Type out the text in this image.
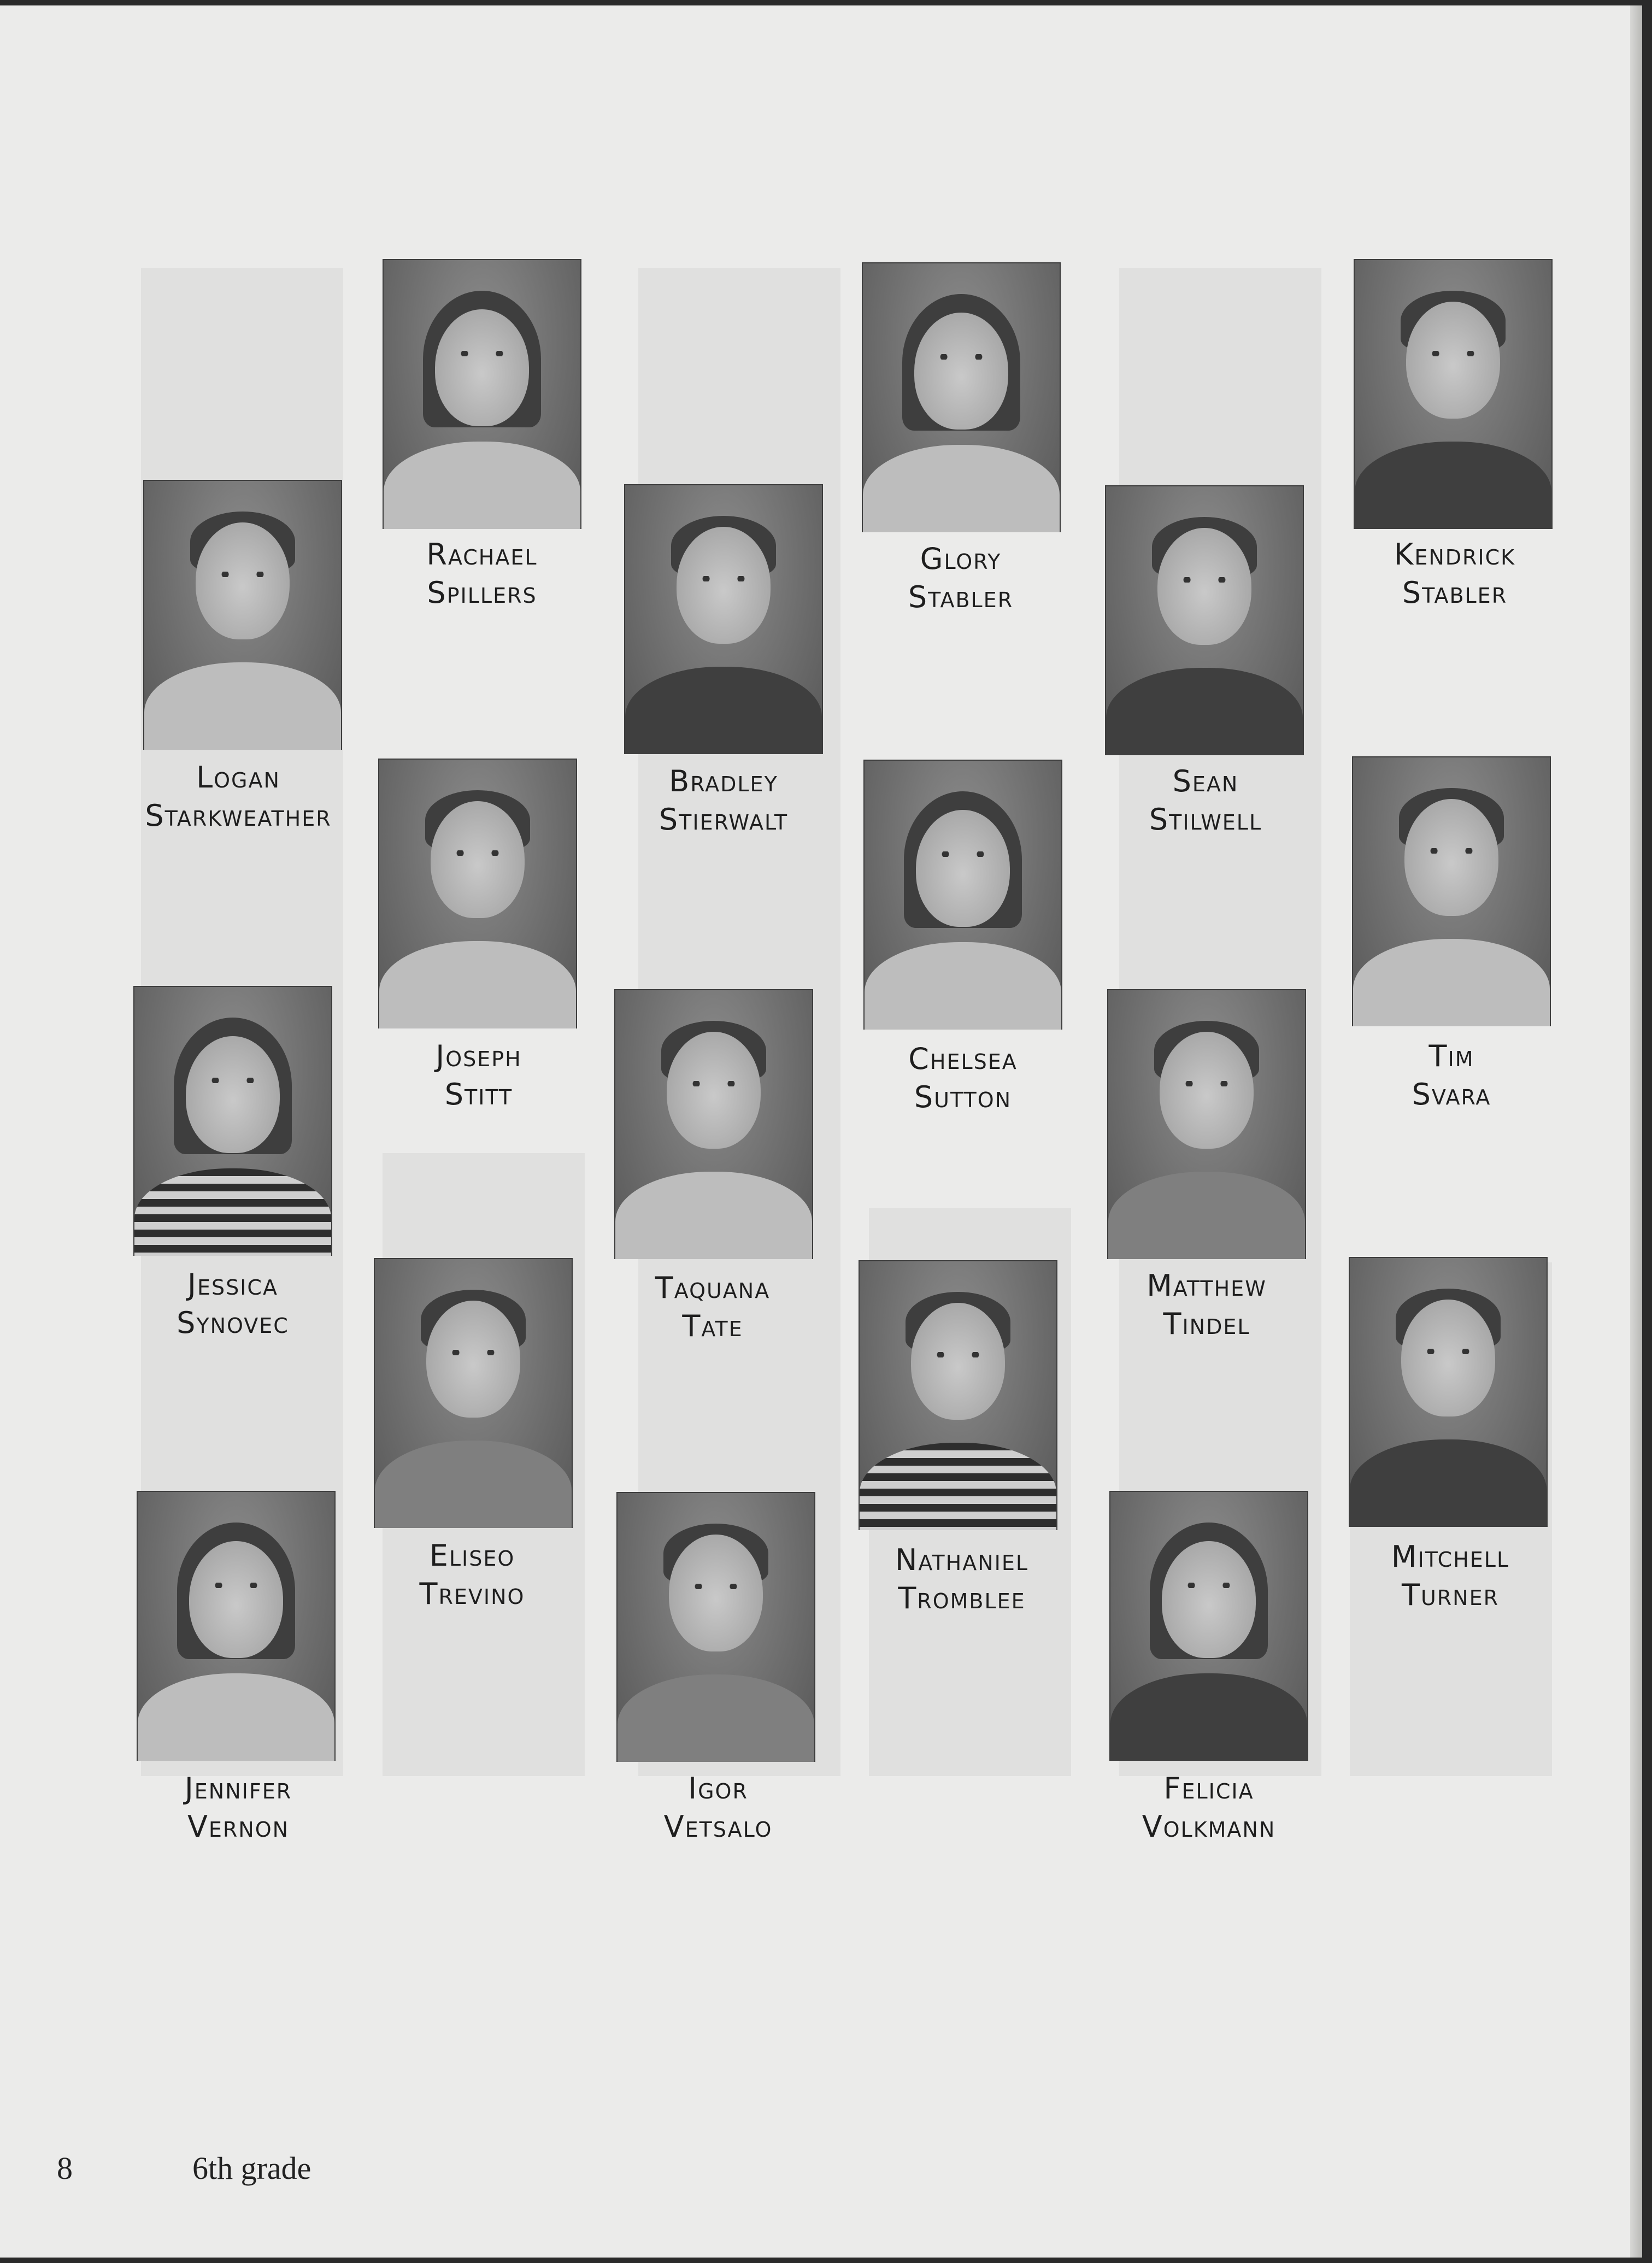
Rachael
Spillers
Glory
Stabler
Kendrick
Stabler
Logan
Starkweather
Bradley
Stierwalt
Sean
Stilwell
Joseph
Stitt
Chelsea
Sutton
Tim
Svara
Jessica
Synovec
Taquana
Tate
Matthew
Tindel
Eliseo
Trevino
Nathaniel
Tromblee
Mitchell
Turner
Jennifer
Vernon
Igor
Vetsalo
Felicia
Volkmann
8	6th grade
